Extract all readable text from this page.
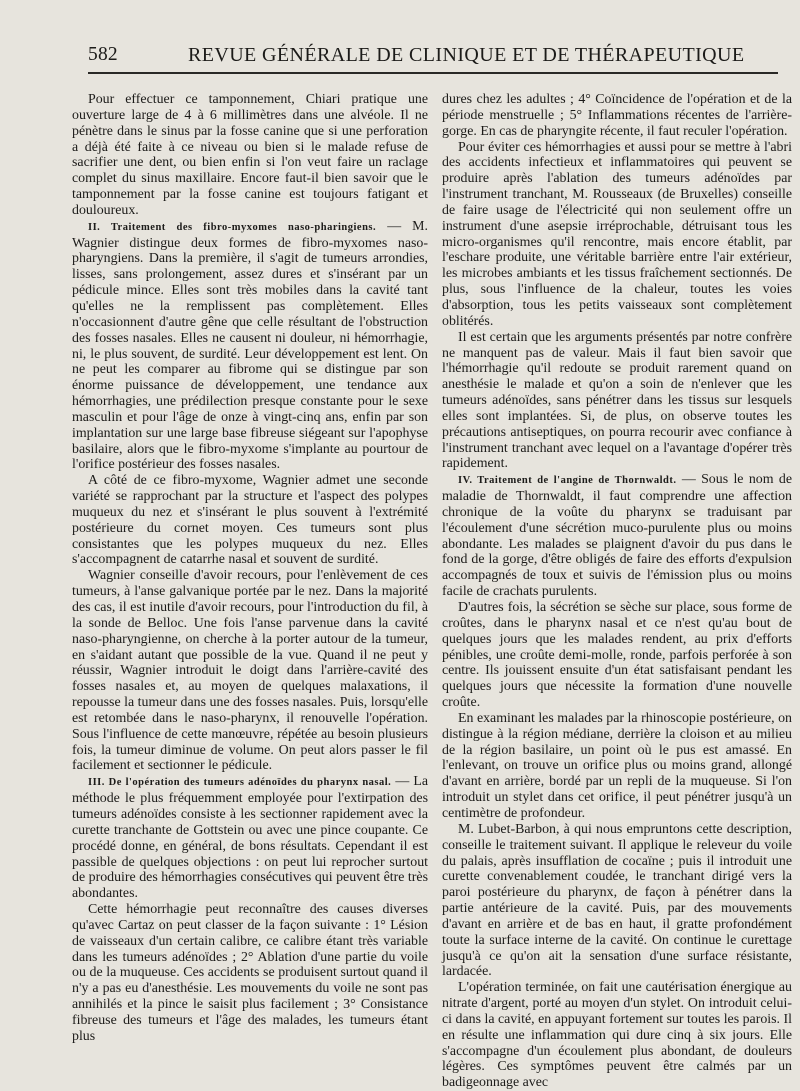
582	REVUE GÉNÉRALE DE CLINIQUE ET DE THÉRAPEUTIQUE

Pour effectuer ce tamponnement, Chiari pratique une ouverture large de 4 à 6 millimètres dans une alvéole. Il ne pénètre dans le sinus par la fosse canine que si une perforation a déjà été faite à ce niveau ou bien si le malade refuse de sacrifier une dent, ou bien enfin si l'on veut faire un raclage complet du sinus maxillaire. Encore faut-il bien savoir que le tamponnement par la fosse canine est toujours fatigant et douloureux.

II. Traitement des fibro-myxomes naso-pharingiens. — M. Wagnier distingue deux formes de fibro-myxomes naso-pharyngiens. Dans la première, il s'agit de tumeurs arrondies, lisses, sans prolongement, assez dures et s'insérant par un pédicule mince. Elles sont très mobiles dans la cavité tant qu'elles ne la remplissent pas complètement. Elles n'occasionnent d'autre gêne que celle résultant de l'obstruction des fosses nasales. Elles ne causent ni douleur, ni hémorrhagie, ni, le plus souvent, de surdité. Leur développement est lent. On ne peut les comparer au fibrome qui se distingue par son énorme puissance de développement, une tendance aux hémorrhagies, une prédilection presque constante pour le sexe masculin et pour l'âge de onze à vingt-cinq ans, enfin par son implantation sur une large base fibreuse siégeant sur l'apophyse basilaire, alors que le fibro-myxome s'implante au pourtour de l'orifice postérieur des fosses nasales.

A côté de ce fibro-myxome, Wagnier admet une seconde variété se rapprochant par la structure et l'aspect des polypes muqueux du nez et s'insérant le plus souvent à l'extrémité postérieure du cornet moyen. Ces tumeurs sont plus consistantes que les polypes muqueux du nez. Elles s'accompagnent de catarrhe nasal et souvent de surdité.

Wagnier conseille d'avoir recours, pour l'enlèvement de ces tumeurs, à l'anse galvanique portée par le nez. Dans la majorité des cas, il est inutile d'avoir recours, pour l'introduction du fil, à la sonde de Belloc. Une fois l'anse parvenue dans la cavité naso-pharyngienne, on cherche à la porter autour de la tumeur, en s'aidant autant que possible de la vue. Quand il ne peut y réussir, Wagnier introduit le doigt dans l'arrière-cavité des fosses nasales et, au moyen de quelques malaxations, il repousse la tumeur dans une des fosses nasales. Puis, lorsqu'elle est retombée dans le naso-pharynx, il renouvelle l'opération. Sous l'influence de cette manœuvre, répétée au besoin plusieurs fois, la tumeur diminue de volume. On peut alors passer le fil facilement et sectionner le pédicule.

III. De l'opération des tumeurs adénoïdes du pharynx nasal. — La méthode le plus fréquemment employée pour l'extirpation des tumeurs adénoïdes consiste à les sectionner rapidement avec la curette tranchante de Gottstein ou avec une pince coupante. Ce procédé donne, en général, de bons résultats. Cependant il est passible de quelques objections : on peut lui reprocher surtout de produire des hémorrhagies consécutives qui peuvent être très abondantes.

Cette hémorrhagie peut reconnaître des causes diverses qu'avec Cartaz on peut classer de la façon suivante : 1° Lésion de vaisseaux d'un certain calibre, ce calibre étant très variable dans les tumeurs adénoïdes ; 2° Ablation d'une partie du voile ou de la muqueuse. Ces accidents se produisent surtout quand il n'y a pas eu d'anesthésie. Les mouvements du voile ne sont pas annihilés et la pince le saisit plus facilement ; 3° Consistance fibreuse des tumeurs et l'âge des malades, les tumeurs étant plus

dures chez les adultes ; 4° Coïncidence de l'opération et de la période menstruelle ; 5° Inflammations récentes de l'arrière-gorge. En cas de pharyngite récente, il faut reculer l'opération.

Pour éviter ces hémorrhagies et aussi pour se mettre à l'abri des accidents infectieux et inflammatoires qui peuvent se produire après l'ablation des tumeurs adénoïdes par l'instrument tranchant, M. Rousseaux (de Bruxelles) conseille de faire usage de l'électricité qui non seulement offre un instrument d'une asepsie irréprochable, détruisant tous les micro-organismes qu'il rencontre, mais encore établit, par l'eschare produite, une véritable barrière entre l'air extérieur, les microbes ambiants et les tissus fraîchement sectionnés. De plus, sous l'influence de la chaleur, toutes les voies d'absorption, tous les petits vaisseaux sont complètement oblitérés.

Il est certain que les arguments présentés par notre confrère ne manquent pas de valeur. Mais il faut bien savoir que l'hémorrhagie qu'il redoute se produit rarement quand on anesthésie le malade et qu'on a soin de n'enlever que les tumeurs adénoïdes, sans pénétrer dans les tissus sur lesquels elles sont implantées. Si, de plus, on observe toutes les précautions antiseptiques, on pourra recourir avec confiance à l'instrument tranchant avec lequel on a l'avantage d'opérer très rapidement.

IV. Traitement de l'angine de Thornwaldt. — Sous le nom de maladie de Thornwaldt, il faut comprendre une affection chronique de la voûte du pharynx se traduisant par l'écoulement d'une sécrétion muco-purulente plus ou moins abondante. Les malades se plaignent d'avoir du pus dans le fond de la gorge, d'être obligés de faire des efforts d'expulsion accompagnés de toux et suivis de l'émission plus ou moins facile de crachats purulents.

D'autres fois, la sécrétion se sèche sur place, sous forme de croûtes, dans le pharynx nasal et ce n'est qu'au bout de quelques jours que les malades rendent, au prix d'efforts pénibles, une croûte demi-molle, ronde, parfois perforée à son centre. Ils jouissent ensuite d'un état satisfaisant pendant les quelques jours que nécessite la formation d'une nouvelle croûte.

En examinant les malades par la rhinoscopie postérieure, on distingue à la région médiane, derrière la cloison et au milieu de la région basilaire, un point où le pus est amassé. En l'enlevant, on trouve un orifice plus ou moins grand, allongé d'avant en arrière, bordé par un repli de la muqueuse. Si l'on introduit un stylet dans cet orifice, il peut pénétrer jusqu'à un centimètre de profondeur.

M. Lubet-Barbon, à qui nous empruntons cette description, conseille le traitement suivant. Il applique le releveur du voile du palais, après insufflation de cocaïne ; puis il introduit une curette convenablement coudée, le tranchant dirigé vers la paroi postérieure du pharynx, de façon à pénétrer dans la partie antérieure de la cavité. Puis, par des mouvements d'avant en arrière et de bas en haut, il gratte profondément toute la surface interne de la cavité. On continue le curettage jusqu'à ce qu'on ait la sensation d'une surface résistante, lardacée.

L'opération terminée, on fait une cautérisation énergique au nitrate d'argent, porté au moyen d'un stylet. On introduit celui-ci dans la cavité, en appuyant fortement sur toutes les parois. Il en résulte une inflammation qui dure cinq à six jours. Elle s'accompagne d'un écoulement plus abondant, de douleurs légères. Ces symptômes peuvent être calmés par un badigeonnage avec
